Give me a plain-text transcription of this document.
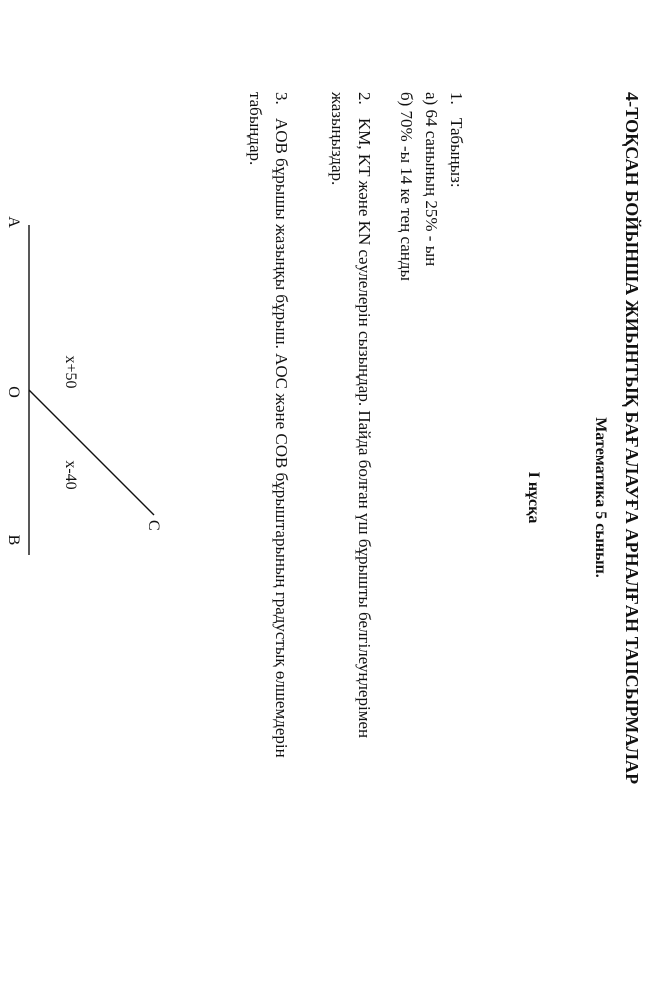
4-ТОҚСАН БОЙЫНША ЖИЫНТЫҚ БАҒАЛАУҒА АРНАЛҒАН ТАПСЫРМАЛАР
Математика 5 сынып.
І нұсқа
1.Табыңыз:
а) 64 санының 25% - ын
б) 70% -ы 14 ке тең санды
2.KM, KT және KN сәулелерін сызыңдар. Пайда болған үш бұрышты белгілеуңлерімен
жазыңыздар.
3.AOB бұрышы жазыңқы бұрыш. AOC және COB бұрыштарының градустық өлшемдерін
табыңдар.
A
O
B
C
x+50
x-40
